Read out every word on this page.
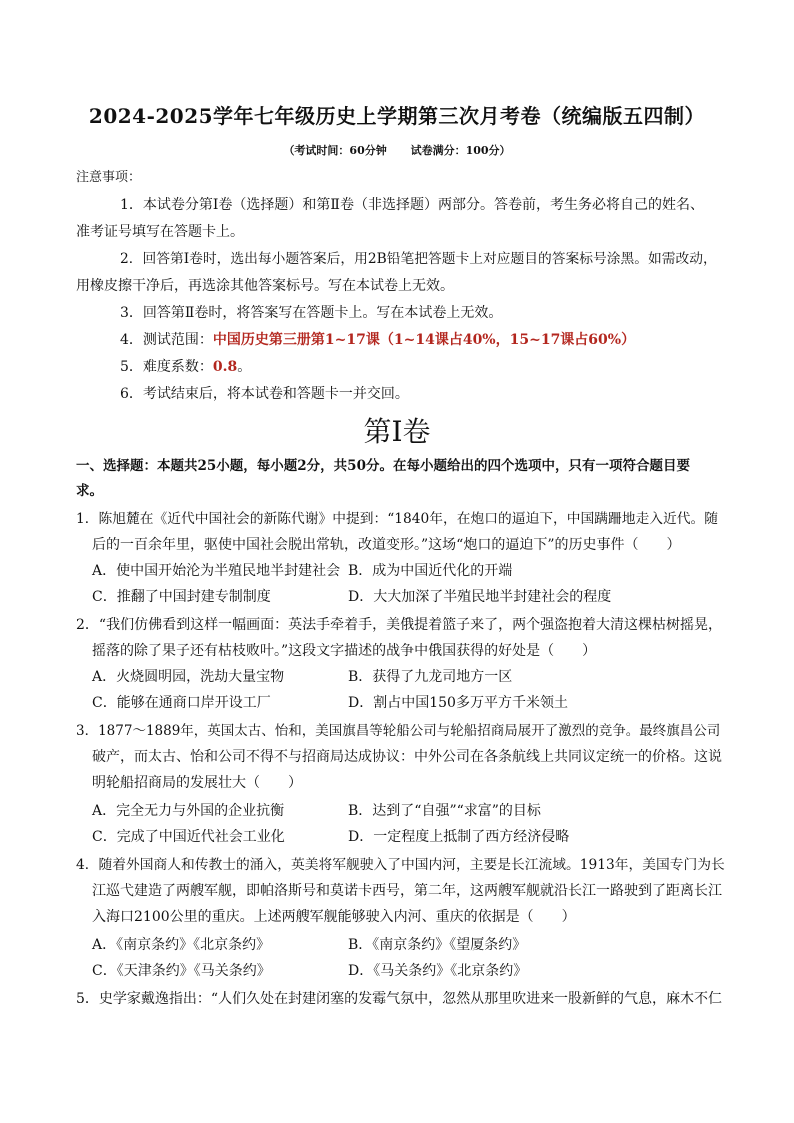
2024-2025学年七年级历史上学期第三次月考卷（统编版五四制）
（考试时间：60分钟 试卷满分：100分）
注意事项：
1．本试卷分第Ⅰ卷（选择题）和第Ⅱ卷（非选择题）两部分。答卷前，考生务必将自己的姓名、
准考证号填写在答题卡上。
2．回答第Ⅰ卷时，选出每小题答案后，用2B铅笔把答题卡上对应题目的答案标号涂黑。如需改动，
用橡皮擦干净后，再选涂其他答案标号。写在本试卷上无效。
3．回答第Ⅱ卷时，将答案写在答题卡上。写在本试卷上无效。
4．测试范围：中国历史第三册第1~17课（1~14课占40%，15~17课占60%）
5．难度系数：0.8。
6．考试结束后，将本试卷和答题卡一并交回。
第Ⅰ卷
一、选择题：本题共25小题，每小题2分，共50分。在每小题给出的四个选项中，只有一项符合题目要
求。
1．陈旭麓在《近代中国社会的新陈代谢》中提到：“1840年，在炮口的逼迫下，中国蹒跚地走入近代。随
后的一百余年里，驱使中国社会脱出常轨，改道变形。”这场“炮口的逼迫下”的历史事件（　　）
A．使中国开始沦为半殖民地半封建社会 B．成为中国近代化的开端
C．推翻了中国封建专制制度	D．大大加深了半殖民地半封建社会的程度
2．“我们仿佛看到这样一幅画面：英法手牵着手，美俄提着篮子来了，两个强盗抱着大清这棵枯树摇晃，
摇落的除了果子还有枯枝败叶。”这段文字描述的战争中俄国获得的好处是（　　）
A．火烧圆明园，洗劫大量宝物	B．获得了九龙司地方一区
C．能够在通商口岸开设工厂	D．割占中国150多万平方千米领土
3．1877～1889年，英国太古、怡和，美国旗昌等轮船公司与轮船招商局展开了激烈的竞争。最终旗昌公司
破产，而太古、怡和公司不得不与招商局达成协议：中外公司在各条航线上共同议定统一的价格。这说
明轮船招商局的发展壮大（　　）
A．完全无力与外国的企业抗衡	B．达到了“自强”“求富”的目标
C．完成了中国近代社会工业化	D．一定程度上抵制了西方经济侵略
4．随着外国商人和传教士的涌入，英美将军舰驶入了中国内河，主要是长江流域。1913年，美国专门为长
江巡弋建造了两艘军舰，即帕洛斯号和莫诺卡西号，第二年，这两艘军舰就沿长江一路驶到了距离长江
入海口2100公里的重庆。上述两艘军舰能够驶入内河、重庆的依据是（　　）
A．《南京条约》《北京条约》	B．《南京条约》《望厦条约》
C．《天津条约》《马关条约》	D．《马关条约》《北京条约》
5．史学家戴逸指出：“人们久处在封建闭塞的发霉气氛中，忽然从那里吹进来一股新鲜的气息，麻木不仁
